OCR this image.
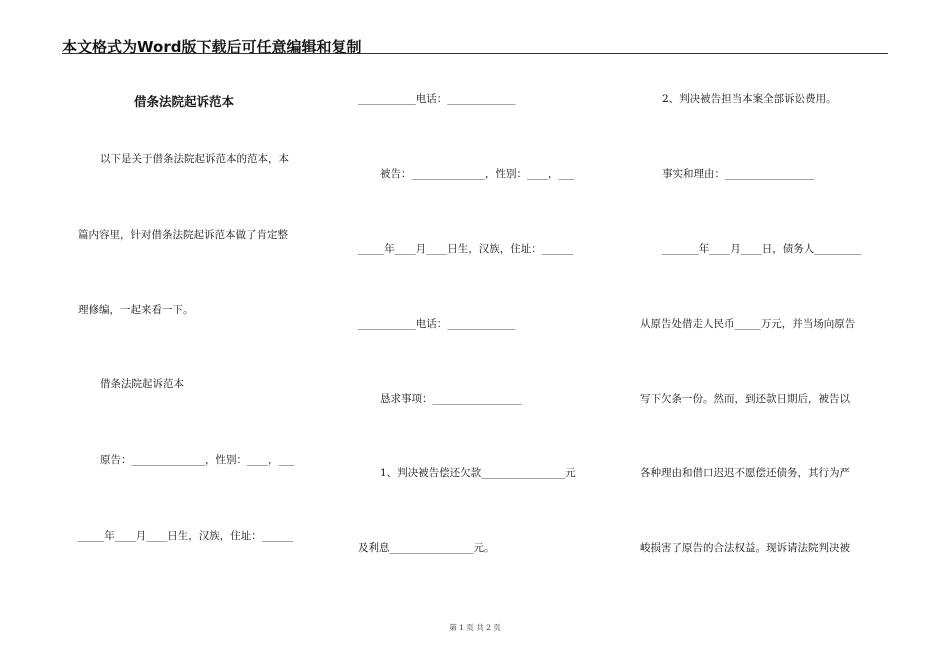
本文格式为Word版下载后可任意编辑和复制
借条法院起诉范本
以下是关于借条法院起诉范本的范本，本
篇内容里，针对借条法院起诉范本做了肯定整
理修编，一起来看一下。
借条法院起诉范本
原告：______________，性别：____，___
_____年____月____日生，汉族，住址：______
___________电话：_____________
被告：______________，性别：____，___
_____年____月____日生，汉族，住址：______
___________电话：_____________
恳求事项：_________________
1、判决被告偿还欠款________________元
及利息________________元。
2、判决被告担当本案全部诉讼费用。
事实和理由：_________________
_______年____月____日，债务人_________
从原告处借走人民币_____万元，并当场向原告
写下欠条一份。然而，到还款日期后，被告以
各种理由和借口迟迟不愿偿还债务，其行为严
峻损害了原告的合法权益。现诉请法院判决被
第 1 页 共 2 页
